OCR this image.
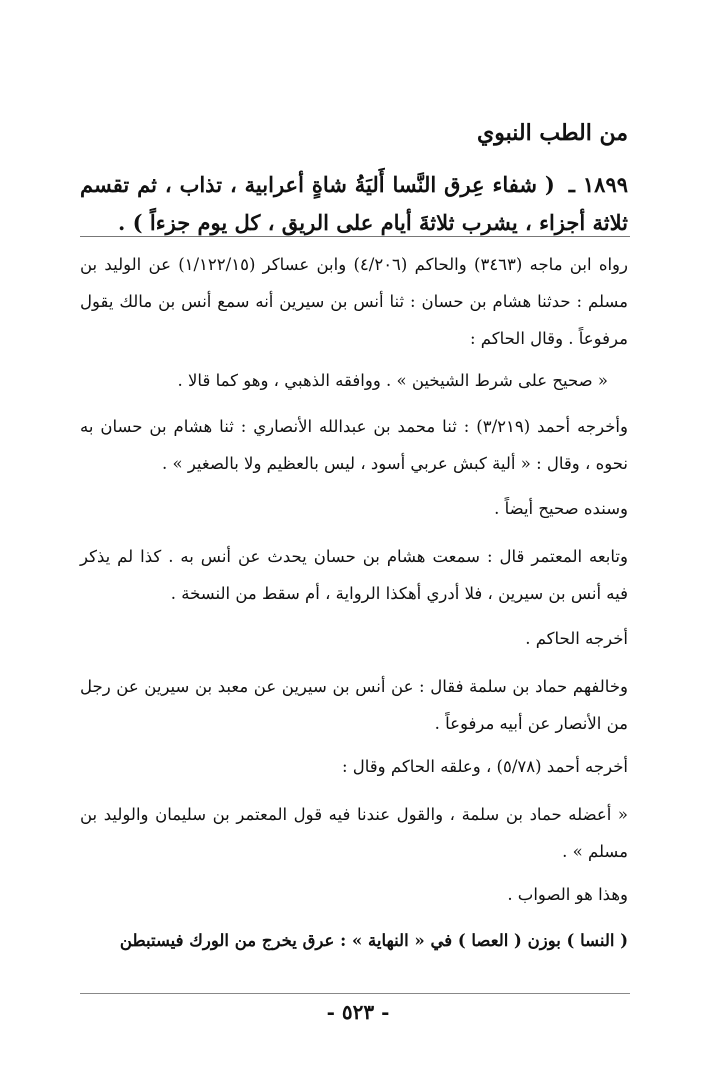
من الطب النبوي
١٨٩٩ ـ ( شفاء عِرق النَّسا أَليَةُ شاةٍ أعرابية ، تذاب ، ثم تقسم ثلاثة أجزاء ، يشرب ثلاثةَ أيام على الريق ، كل يوم جزءاً ) .
رواه ابن ماجه (٣٤٦٣) والحاكم (٤/٢٠٦) وابن عساكر (١/١٢٢/١٥) عن الوليد بن مسلم : حدثنا هشام بن حسان : ثنا أنس بن سيرين أنه سمع أنس بن مالك يقول مرفوعاً . وقال الحاكم :
« صحيح على شرط الشيخين » . ووافقه الذهبي ، وهو كما قالا .
وأخرجه أحمد (٣/٢١٩) : ثنا محمد بن عبدالله الأنصاري : ثنا هشام بن حسان به نحوه ، وقال : « ألية كبش عربي أسود ، ليس بالعظيم ولا بالصغير » .
وسنده صحيح أيضاً .
وتابعه المعتمر قال : سمعت هشام بن حسان يحدث عن أنس به . كذا لم يذكر فيه أنس بن سيرين ، فلا أدري أهكذا الرواية ، أم سقط من النسخة .
أخرجه الحاكم .
وخالفهم حماد بن سلمة فقال : عن أنس بن سيرين عن معبد بن سيرين عن رجل من الأنصار عن أبيه مرفوعاً .
أخرجه أحمد (٥/٧٨) ، وعلقه الحاكم وقال :
« أعضله حماد بن سلمة ، والقول عندنا فيه قول المعتمر بن سليمان والوليد بن مسلم » .
وهذا هو الصواب .
( النسا ) بوزن ( العصا ) في « النهاية » : عرق يخرج من الورك فيستبطن
- ٥٢٣ -
